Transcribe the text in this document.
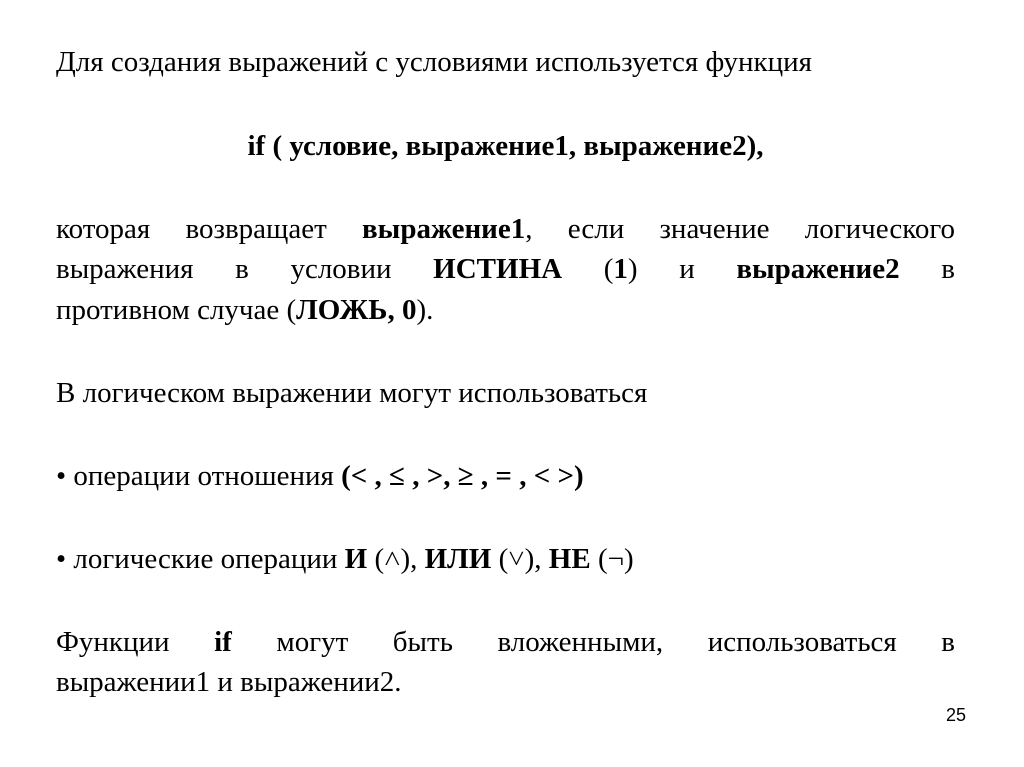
Для создания выражений с условиями используется функция
if ( условие, выражение1, выражение2),
которая возвращает выражение1, если значение логического
выражения в условии ИСТИНА (1) и выражение2 в
противном случае (ЛОЖЬ, 0).
В логическом выражении могут использоваться
• операции отношения (< , ≤ , >, ≥ , = , < >)
• логические операции И (˄), ИЛИ (˅), НЕ (¬)
Функции if могут быть вложенными, использоваться в
выражении1 и выражении2.
25
